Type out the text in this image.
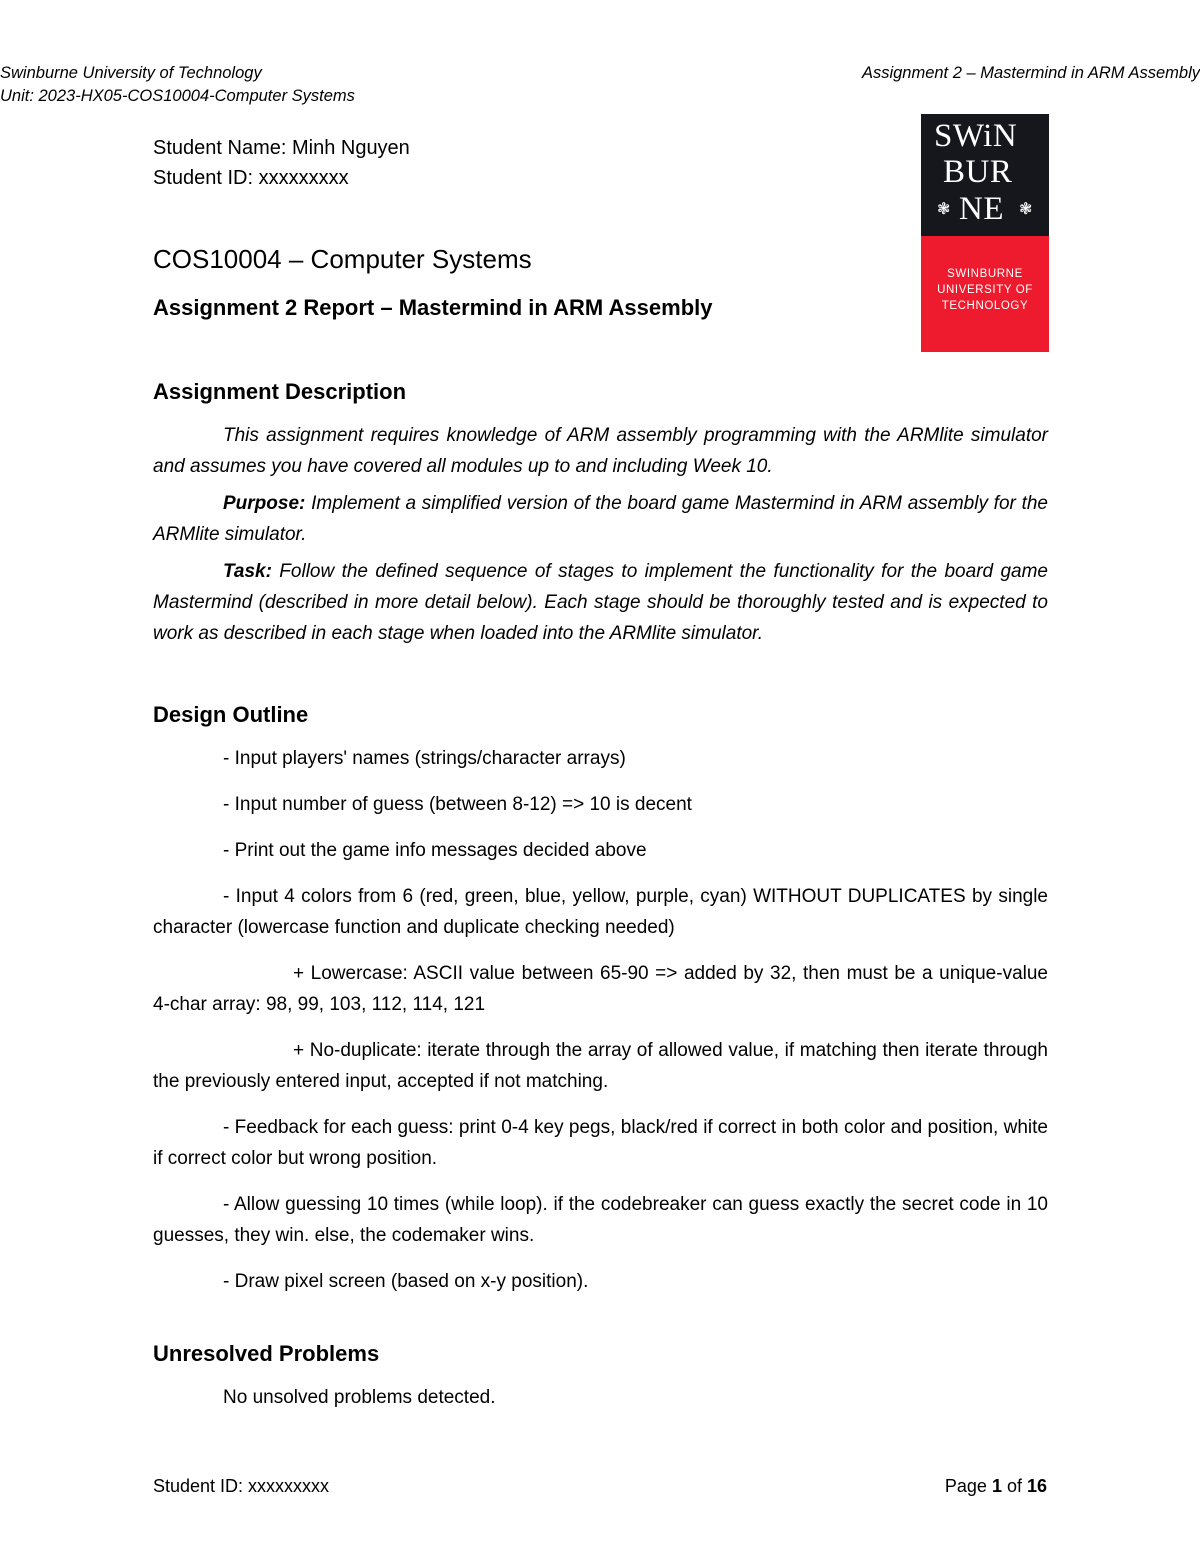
Swinburne University of Technology
Unit: 2023-HX05-COS10004-Computer Systems
Assignment 2 – Mastermind in ARM Assembly
Student Name: Minh Nguyen
Student ID: xxxxxxxxx
SWiN
BUR
NE
❃	❃
SWINBURNE
UNIVERSITY OF
TECHNOLOGY
COS10004 – Computer Systems
Assignment 2 Report – Mastermind in ARM Assembly
Assignment Description

This assignment requires knowledge of ARM assembly programming with the ARMlite simulator and assumes you have covered all modules up to and including Week 10.

Purpose: Implement a simplified version of the board game Mastermind in ARM assembly for the ARMlite simulator.

Task: Follow the defined sequence of stages to implement the functionality for the board game Mastermind (described in more detail below). Each stage should be thoroughly tested and is expected to work as described in each stage when loaded into the ARMlite simulator.

Design Outline

- Input players' names (strings/character arrays)

- Input number of guess (between 8-12) => 10 is decent

- Print out the game info messages decided above

- Input 4 colors from 6 (red, green, blue, yellow, purple, cyan) WITHOUT DUPLICATES by single character (lowercase function and duplicate checking needed)

+ Lowercase: ASCII value between 65-90 => added by 32, then must be a unique-value 4-char array: 98, 99, 103, 112, 114, 121

+ No-duplicate: iterate through the array of allowed value, if matching then iterate through the previously entered input, accepted if not matching.

- Feedback for each guess: print 0-4 key pegs, black/red if correct in both color and position, white if correct color but wrong position.

- Allow guessing 10 times (while loop). if the codebreaker can guess exactly the secret code in 10 guesses, they win. else, the codemaker wins.

- Draw pixel screen (based on x-y position).

Unresolved Problems

No unsolved problems detected.

Student ID: xxxxxxxxx	Page 1 of 16
